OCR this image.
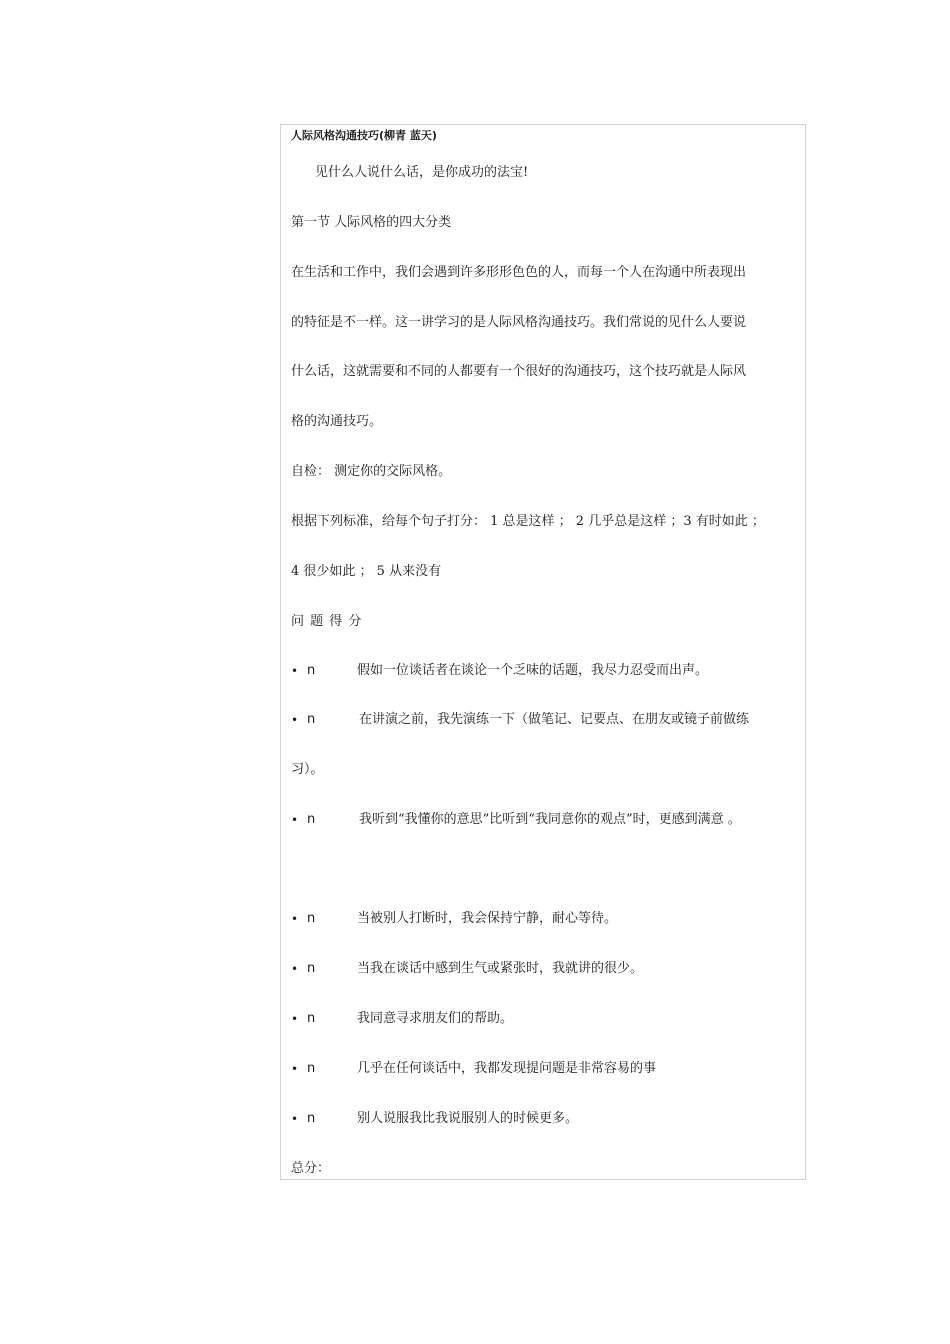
人际风格沟通技巧(柳青 蓝天)
见什么人说什么话，是你成功的法宝!
第一节 人际风格的四大分类
在生活和工作中，我们会遇到许多形形色色的人，而每一个人在沟通中所表现出
的特征是不一样。这一讲学习的是人际风格沟通技巧。我们常说的见什么人要说
什么话，这就需要和不同的人都要有一个很好的沟通技巧，这个技巧就是人际风
格的沟通技巧。
自检： 测定你的交际风格。
根据下列标准，给每个句子打分： 1 总是这样 ； 2 几乎总是这样 ；3 有时如此 ；
4 很少如此 ； 5 从来没有
问 题 得 分
• n	假如一位谈话者在谈论一个乏味的话题，我尽力忍受而出声。
• n	在讲演之前，我先演练一下（做笔记、记要点、在朋友或镜子前做练
习）。
• n	我听到“我懂你的意思”比听到“我同意你的观点”时，更感到满意 。
• n	当被别人打断时，我会保持宁静，耐心等待。
• n	当我在谈话中感到生气或紧张时，我就讲的很少。
• n	我同意寻求朋友们的帮助。
• n	几乎在任何谈话中，我都发现提问题是非常容易的事
• n	别人说服我比我说服别人的时候更多。
总分：
